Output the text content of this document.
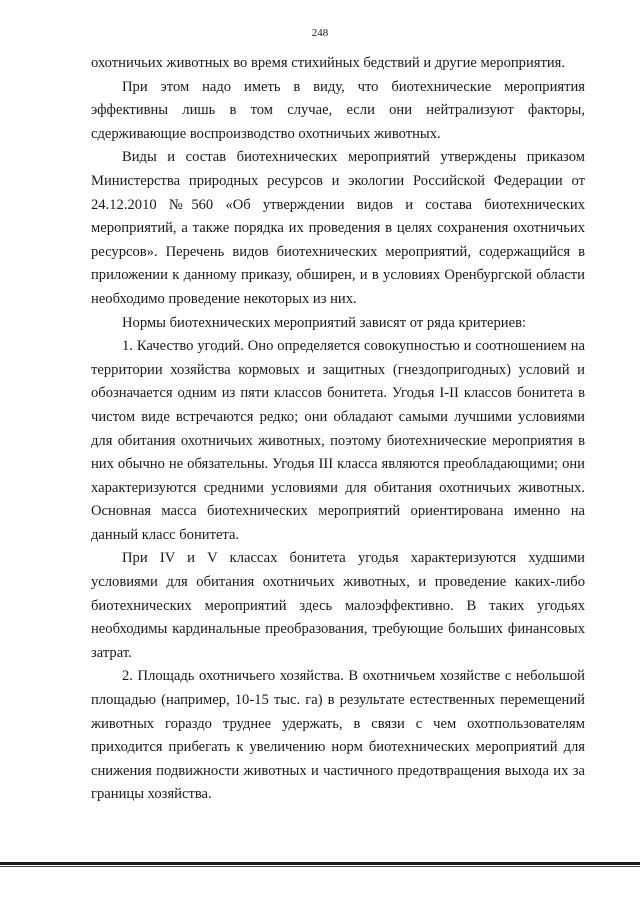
248

охотничьих животных во время стихийных бедствий и другие мероприятия.

При этом надо иметь в виду, что биотехнические мероприятия эффективны лишь в том случае, если они нейтрализуют факторы, сдерживающие воспроизводство охотничьих животных.

Виды и состав биотехнических мероприятий утверждены приказом Министерства природных ресурсов и экологии Российской Федерации от 24.12.2010 №560 «Об утверждении видов и состава биотехнических мероприятий, а также порядка их проведения в целях сохранения охотничьих ресурсов». Перечень видов биотехнических мероприятий, содержащийся в приложении к данному приказу, обширен, и в условиях Оренбургской области необходимо проведение некоторых из них.

Нормы биотехнических мероприятий зависят от ряда критериев:

1. Качество угодий. Оно определяется совокупностью и соотношением на территории хозяйства кормовых и защитных (гнездопригодных) условий и обозначается одним из пяти классов бонитета. Угодья I-II классов бонитета в чистом виде встречаются редко; они обладают самыми лучшими условиями для обитания охотничьих животных, поэтому биотехнические мероприятия в них обычно не обязательны. Угодья III класса являются преобладающими; они характеризуются средними условиями для обитания охотничьих животных. Основная масса биотехнических мероприятий ориентирована именно на данный класс бонитета.

При IV и V классах бонитета угодья характеризуются худшими условиями для обитания охотничьих животных, и проведение каких-либо биотехнических мероприятий здесь малоэффективно. В таких угодьях необходимы кардинальные преобразования, требующие больших финансовых затрат.

2. Площадь охотничьего хозяйства. В охотничьем хозяйстве с небольшой площадью (например, 10-15 тыс. га) в результате естественных перемещений животных гораздо труднее удержать, в связи с чем охотпользователям приходится прибегать к увеличению норм биотехнических мероприятий для снижения подвижности животных и частичного предотвращения выхода их за границы хозяйства.
